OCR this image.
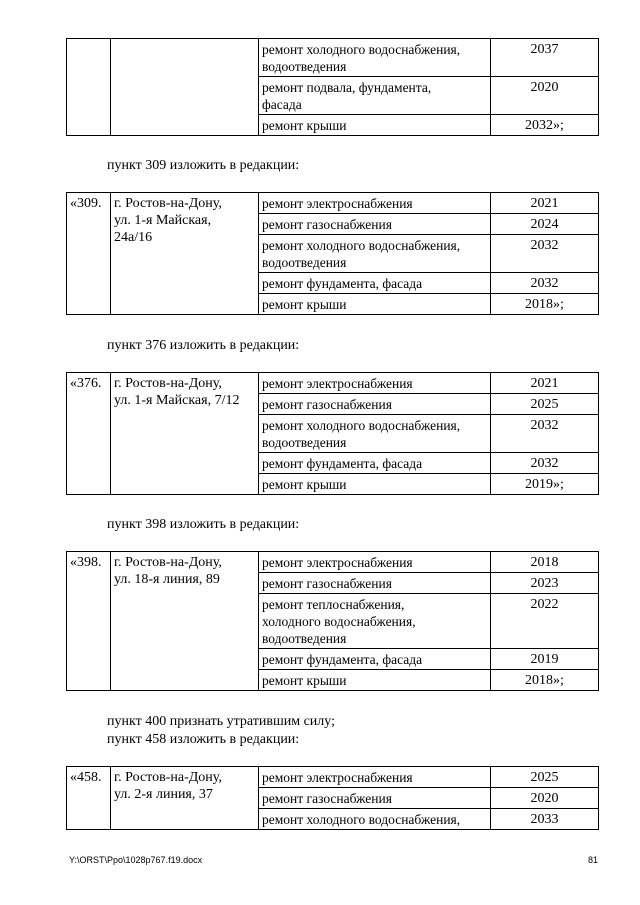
		ремонт холодного водоснабжения,
водоотведения	2037
		ремонт подвала, фундамента,
фасада	2020
		ремонт крыши	2032»;
пункт 309 изложить в редакции:
«309.	г. Ростов-на-Дону,
ул. 1-я Майская,
24а/16	ремонт электроснабжения	2021
		ремонт газоснабжения	2024
		ремонт холодного водоснабжения,
водоотведения	2032
		ремонт фундамента, фасада	2032
		ремонт крыши	2018»;
пункт 376 изложить в редакции:
«376.	г. Ростов-на-Дону,
ул. 1-я Майская, 7/12	ремонт электроснабжения	2021
		ремонт газоснабжения	2025
		ремонт холодного водоснабжения,
водоотведения	2032
		ремонт фундамента, фасада	2032
		ремонт крыши	2019»;
пункт 398 изложить в редакции:
«398.	г. Ростов-на-Дону,
ул. 18-я линия, 89	ремонт электроснабжения	2018
		ремонт газоснабжения	2023
		ремонт теплоснабжения,
холодного водоснабжения,
водоотведения	2022
		ремонт фундамента, фасада	2019
		ремонт крыши	2018»;
пункт 400 признать утратившим силу;
пункт 458 изложить в редакции:
«458.	г. Ростов-на-Дону,
ул. 2-я линия, 37	ремонт электроснабжения	2025
		ремонт газоснабжения	2020
		ремонт холодного водоснабжения,	2033
Y:\ORST\Ppo\1028p767.f19.docx	81
